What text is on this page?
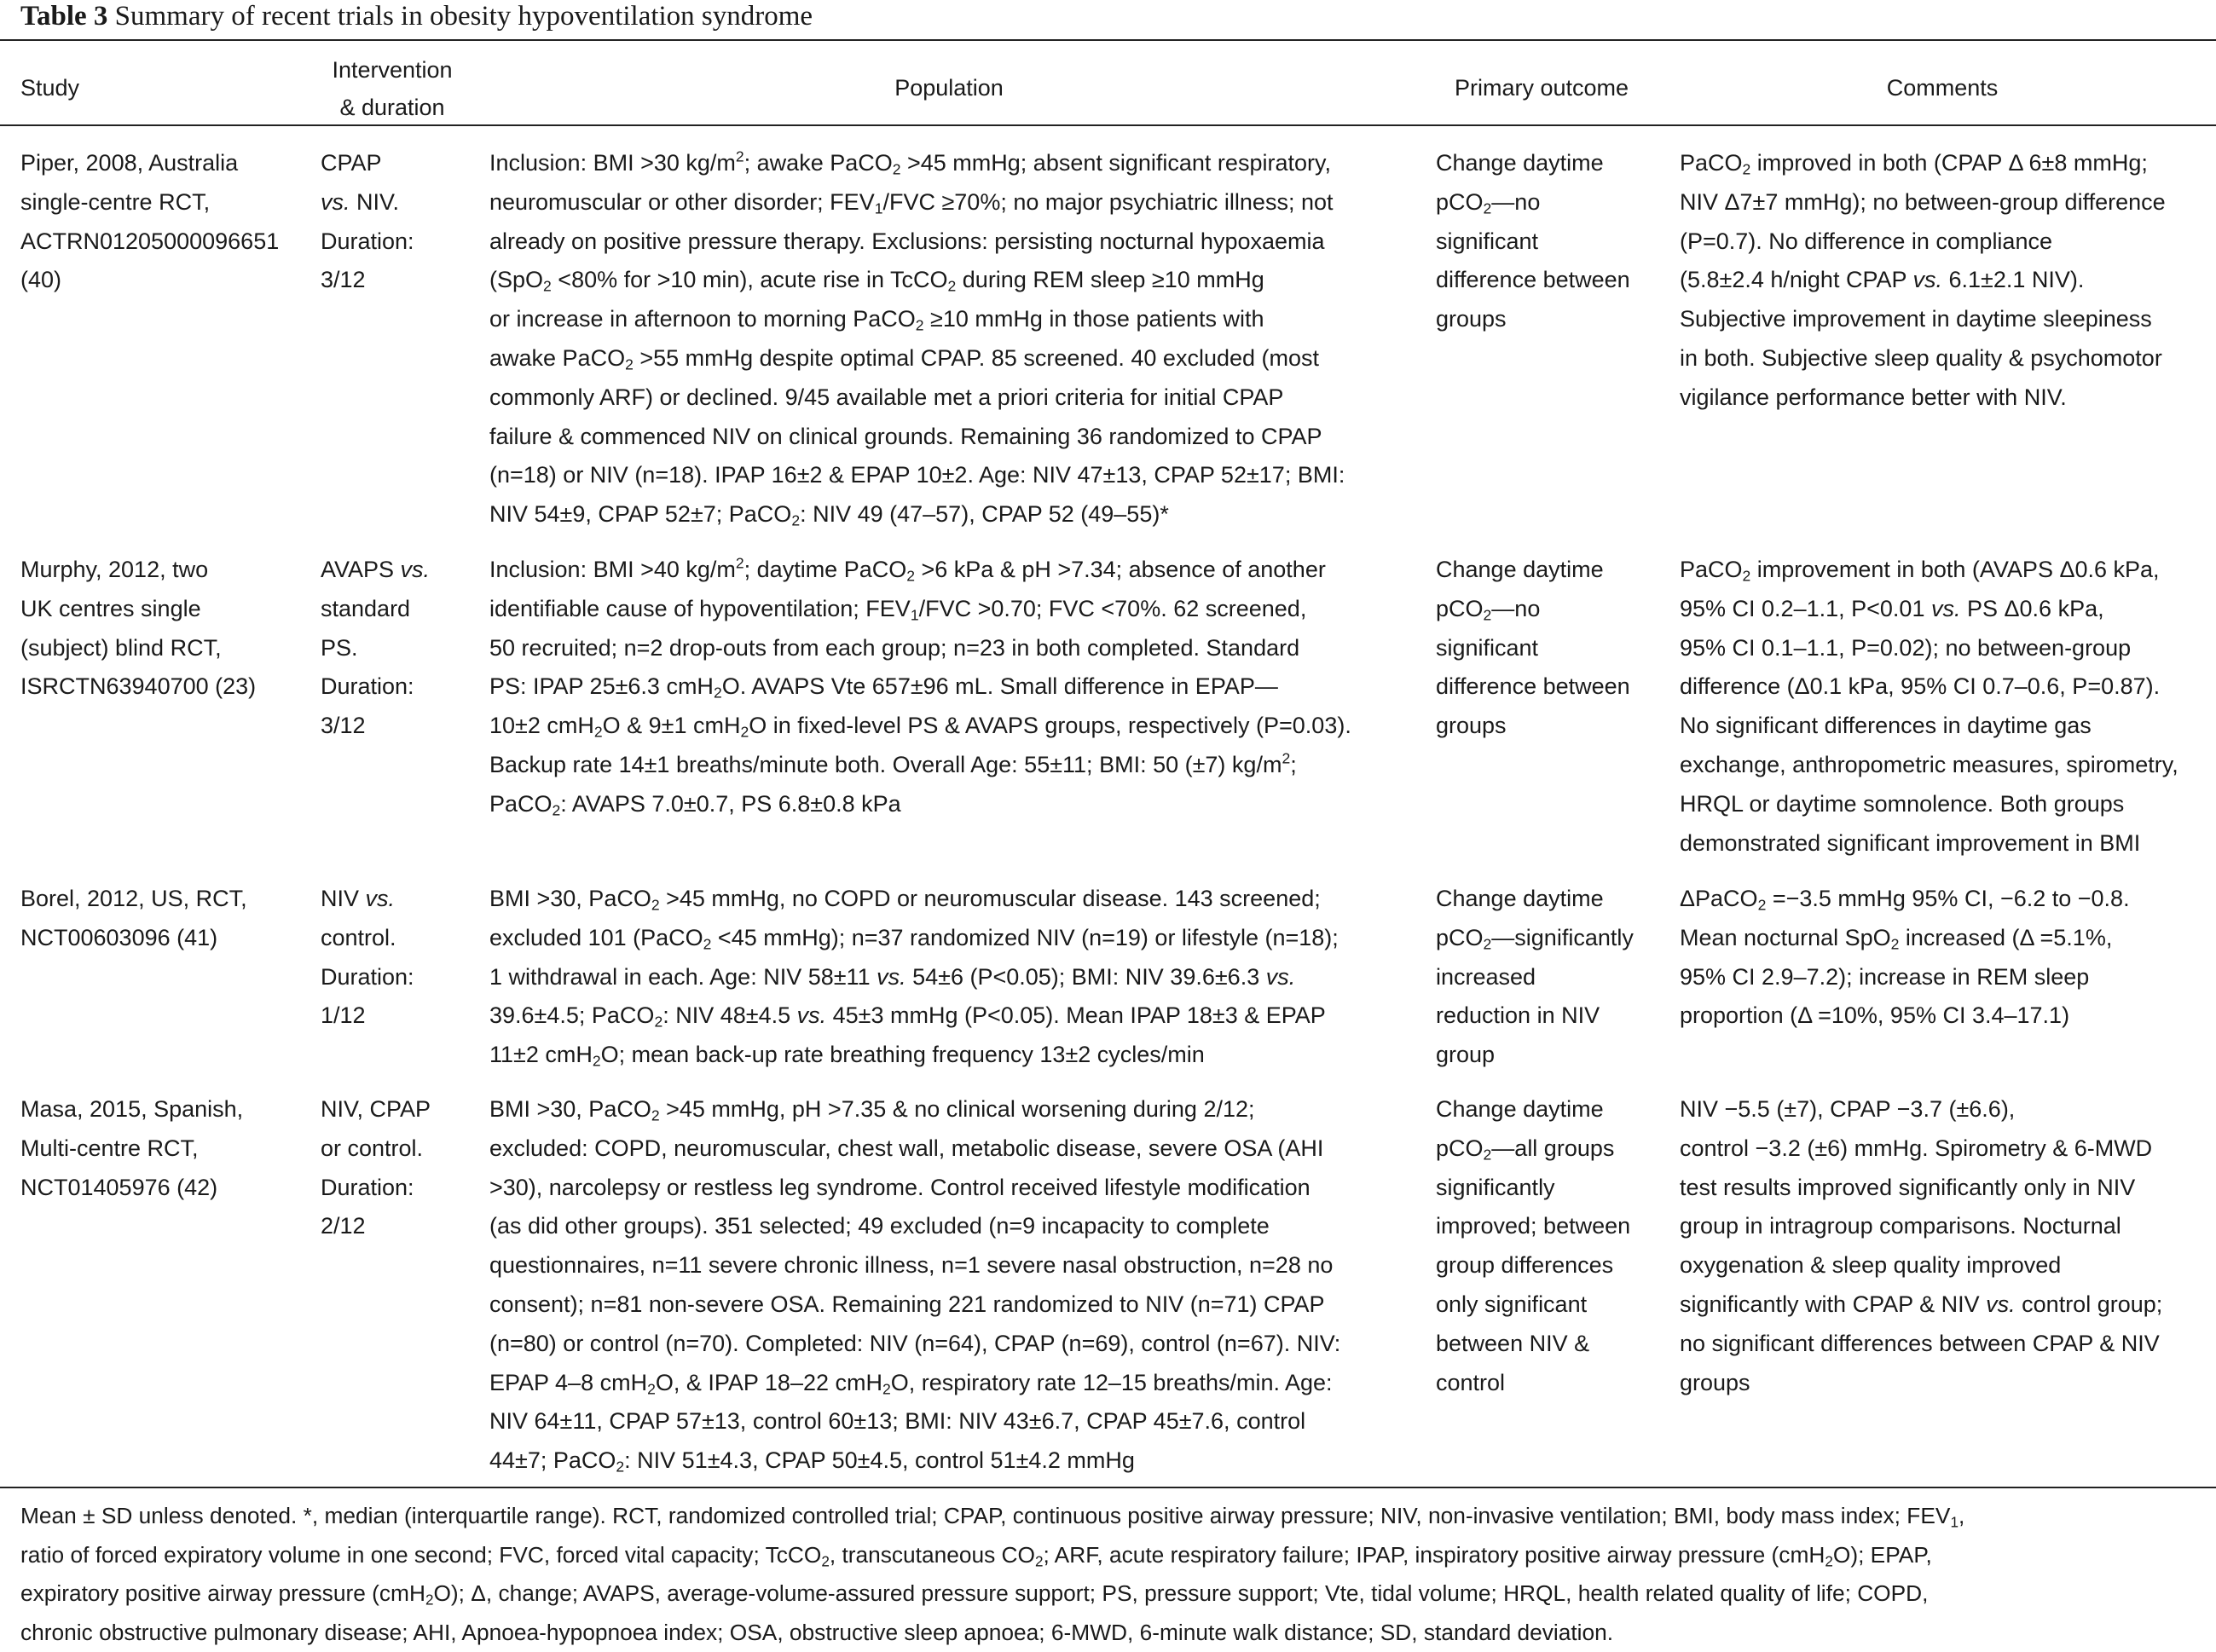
Table 3 Summary of recent trials in obesity hypoventilation syndrome
Study
Intervention
& duration
Population	Primary outcome	Comments
Piper, 2008, Australia
single-centre RCT,
ACTRN01205000096651
(40)
CPAP
vs. NIV.
Duration:
3/12
Inclusion: BMI >30 $kg/m^2$; awake PaCO$_2$ >45 mmHg; absent significant respiratory,
neuromuscular or other disorder; $FEV_1$/FVC ≥70%; no major psychiatric illness; not
already on positive pressure therapy. Exclusions: persisting nocturnal hypoxaemia
(SpO$_2$ <80% for >10 min), acute rise in TcCO$_2$ during REM sleep ≥10 mmHg
or increase in afternoon to morning PaCO$_2$ ≥10 mmHg in those patients with
awake PaCO$_2$ >55 mmHg despite optimal CPAP. 85 screened. 40 excluded (most
commonly ARF) or declined. 9/45 available met a priori criteria for initial CPAP
failure & commenced NIV on clinical grounds. Remaining 36 randomized to CPAP
(n=18) or NIV (n=18). IPAP 16±2 & EPAP 10±2. Age: NIV 47±13, CPAP 52±17; BMI:
NIV 54±9, CPAP 52±7; PaCO$_2$: NIV 49 (47–57), CPAP 52 (49–55)*
Change daytime
pCO$_2$—no
significant
difference between
groups
PaCO$_2$ improved in both (CPAP Δ 6±8 mmHg;
NIV Δ7±7 mmHg); no between-group difference
(P=0.7). No difference in compliance
(5.8±2.4 h/night CPAP vs. 6.1±2.1 NIV).
Subjective improvement in daytime sleepiness
in both. Subjective sleep quality & psychomotor
vigilance performance better with NIV.
Murphy, 2012, two
UK centres single
(subject) blind RCT,
ISRCTN63940700 (23)
AVAPS vs.
standard
PS.
Duration:
3/12
Inclusion: BMI >40 $kg/m^2$; daytime PaCO$_2$ >6 kPa & pH >7.34; absence of another
identifiable cause of hypoventilation; $FEV_1$/FVC >0.70; FVC <70%. 62 screened,
50 recruited; n=2 drop-outs from each group; n=23 in both completed. Standard
PS: IPAP 25±6.3 cmH$_2$O. AVAPS Vte 657±96 mL. Small difference in EPAP—
10±2 cmH$_2$O & 9±1 cmH$_2$O in fixed-level PS & AVAPS groups, respectively (P=0.03).
Backup rate 14±1 breaths/minute both. Overall Age: 55±11; BMI: 50 (±7) $kg/m^2$;
PaCO$_2$: AVAPS 7.0±0.7, PS 6.8±0.8 kPa
Change daytime
pCO$_2$—no
significant
difference between
groups
PaCO$_2$ improvement in both (AVAPS Δ0.6 kPa,
95% CI 0.2–1.1, P<0.01 vs. PS Δ0.6 kPa,
95% CI 0.1–1.1, P=0.02); no between-group
difference (Δ0.1 kPa, 95% CI 0.7–0.6, P=0.87).
No significant differences in daytime gas
exchange, anthropometric measures, spirometry,
HRQL or daytime somnolence. Both groups
demonstrated significant improvement in BMI
Borel, 2012, US, RCT,
NCT00603096 (41)
NIV vs.
control.
Duration:
1/12
BMI >30, PaCO$_2$ >45 mmHg, no COPD or neuromuscular disease. 143 screened;
excluded 101 (PaCO$_2$ <45 mmHg); n=37 randomized NIV (n=19) or lifestyle (n=18);
1 withdrawal in each. Age: NIV 58±11 vs. 54±6 (P<0.05); BMI: NIV 39.6±6.3 vs.
39.6±4.5; PaCO$_2$: NIV 48±4.5 vs. 45±3 mmHg (P<0.05). Mean IPAP 18±3 & EPAP
11±2 cmH$_2$O; mean back-up rate breathing frequency 13±2 cycles/min
Change daytime
pCO$_2$—significantly
increased
reduction in NIV
group
ΔPaCO$_2$ =−3.5 mmHg 95% CI, −6.2 to −0.8.
Mean nocturnal SpO$_2$ increased (Δ =5.1%,
95% CI 2.9–7.2); increase in REM sleep
proportion (Δ =10%, 95% CI 3.4–17.1)
Masa, 2015, Spanish,
Multi-centre RCT,
NCT01405976 (42)
NIV, CPAP
or control.
Duration:
2/12
BMI >30, PaCO$_2$ >45 mmHg, pH >7.35 & no clinical worsening during 2/12;
excluded: COPD, neuromuscular, chest wall, metabolic disease, severe OSA (AHI
>30), narcolepsy or restless leg syndrome. Control received lifestyle modification
(as did other groups). 351 selected; 49 excluded (n=9 incapacity to complete
questionnaires, n=11 severe chronic illness, n=1 severe nasal obstruction, n=28 no
consent); n=81 non-severe OSA. Remaining 221 randomized to NIV (n=71) CPAP
(n=80) or control (n=70). Completed: NIV (n=64), CPAP (n=69), control (n=67). NIV:
EPAP 4–8 cmH$_2$O, & IPAP 18–22 cmH$_2$O, respiratory rate 12–15 breaths/min. Age:
NIV 64±11, CPAP 57±13, control 60±13; BMI: NIV 43±6.7, CPAP 45±7.6, control
44±7; PaCO$_2$: NIV 51±4.3, CPAP 50±4.5, control 51±4.2 mmHg
Change daytime
pCO$_2$—all groups
significantly
improved; between
group differences
only significant
between NIV &
control
NIV −5.5 (±7), CPAP −3.7 (±6.6),
control −3.2 (±6) mmHg. Spirometry & 6-MWD
test results improved significantly only in NIV
group in intragroup comparisons. Nocturnal
oxygenation & sleep quality improved
significantly with CPAP & NIV vs. control group;
no significant differences between CPAP & NIV
groups
Mean ± SD unless denoted. *, median (interquartile range). RCT, randomized controlled trial; CPAP, continuous positive airway pressure; NIV, non-invasive ventilation; BMI, body mass index; $FEV_1$,
ratio of forced expiratory volume in one second; FVC, forced vital capacity; TcCO$_2$, transcutaneous $CO_2$; ARF, acute respiratory failure; IPAP, inspiratory positive airway pressure (cmH$_2$O); EPAP,
expiratory positive airway pressure (cmH$_2$O); Δ, change; AVAPS, average-volume-assured pressure support; PS, pressure support; Vte, tidal volume; HRQL, health related quality of life; COPD,
chronic obstructive pulmonary disease; AHI, Apnoea-hypopnoea index; OSA, obstructive sleep apnoea; 6-MWD, 6-minute walk distance; SD, standard deviation.
